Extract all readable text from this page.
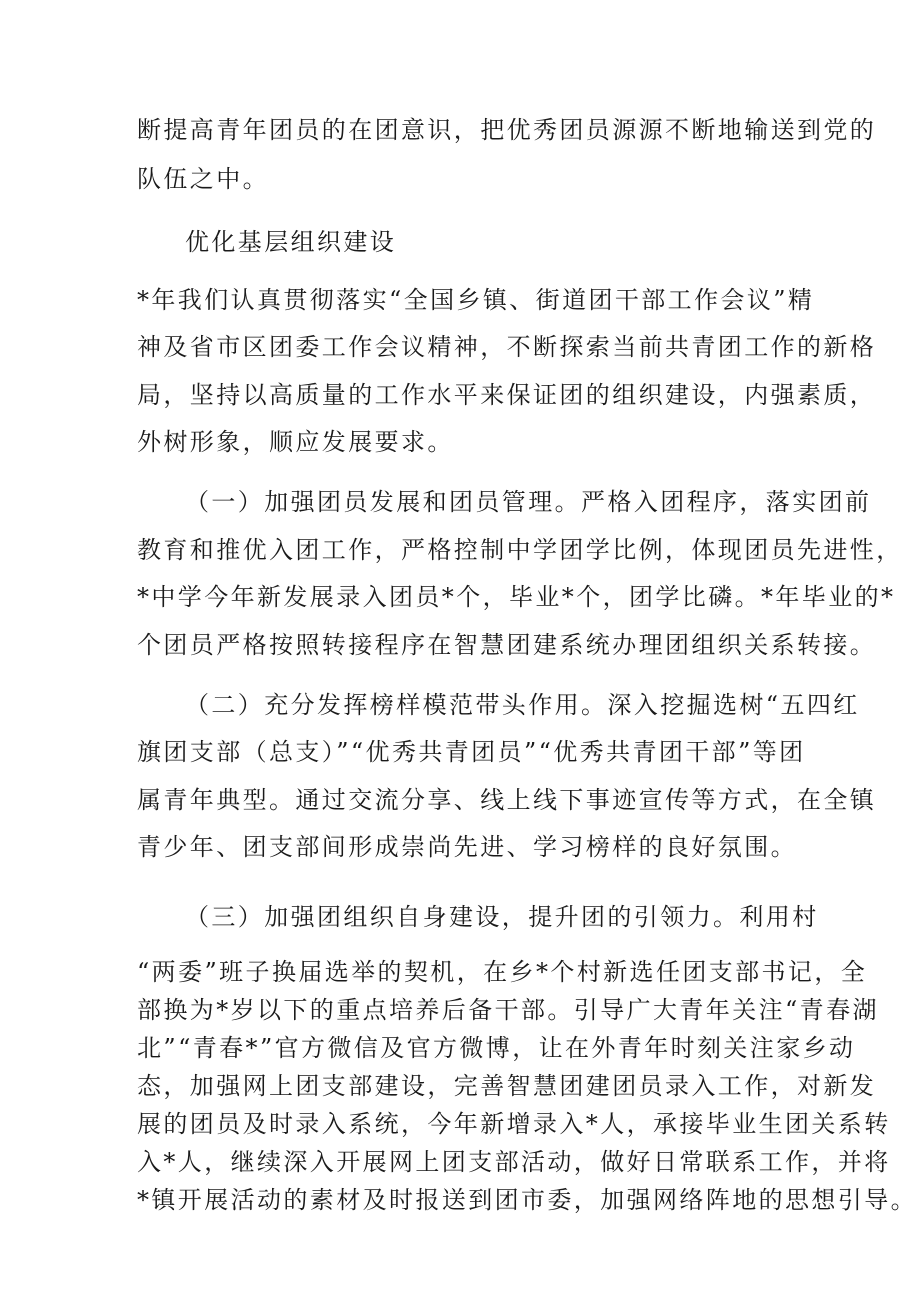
断提高青年团员的在团意识，把优秀团员源源不断地输送到党的
队伍之中。
优化基层组织建设
*年我们认真贯彻落实“全国乡镇、街道团干部工作会议”精
神及省市区团委工作会议精神，不断探索当前共青团工作的新格
局，坚持以高质量的工作水平来保证团的组织建设，内强素质，
外树形象，顺应发展要求。
（一）加强团员发展和团员管理。严格入团程序，落实团前
教育和推优入团工作，严格控制中学团学比例，体现团员先进性，
*中学今年新发展录入团员*个，毕业*个，团学比磷。*年毕业的*
个团员严格按照转接程序在智慧团建系统办理团组织关系转接。
（二）充分发挥榜样模范带头作用。深入挖掘选树“五四红
旗团支部（总支）”“优秀共青团员”“优秀共青团干部”等团
属青年典型。通过交流分享、线上线下事迹宣传等方式，在全镇
青少年、团支部间形成崇尚先进、学习榜样的良好氛围。
（三）加强团组织自身建设，提升团的引领力。利用村
“两委”班子换届选举的契机，在乡*个村新选任团支部书记，全
部换为*岁以下的重点培养后备干部。引导广大青年关注“青春湖
北”“青春*”官方微信及官方微博，让在外青年时刻关注家乡动
态，加强网上团支部建设，完善智慧团建团员录入工作，对新发
展的团员及时录入系统，今年新增录入*人，承接毕业生团关系转
入*人，继续深入开展网上团支部活动，做好日常联系工作，并将
*镇开展活动的素材及时报送到团市委，加强网络阵地的思想引导。
